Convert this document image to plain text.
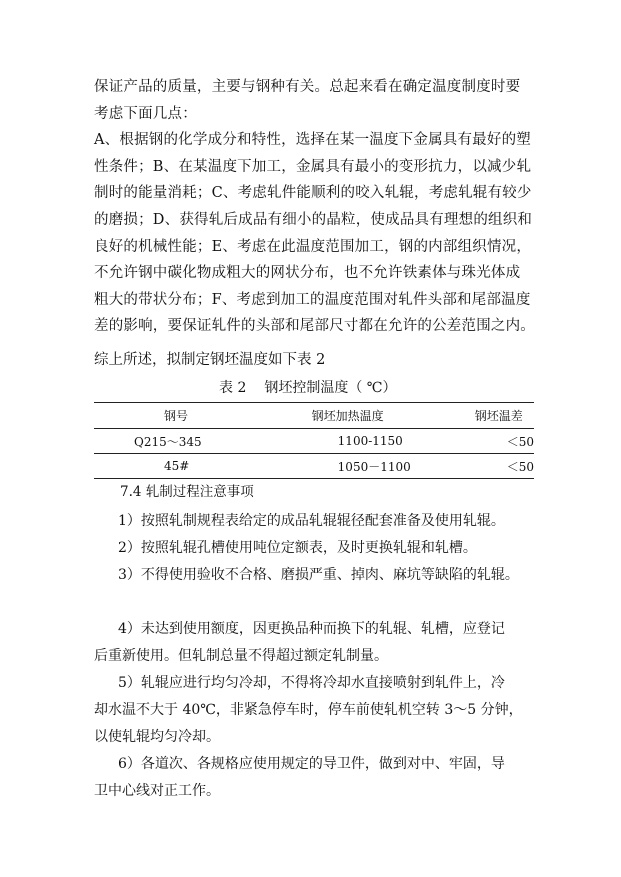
保证产品的质量，主要与钢种有关。总起来看在确定温度制度时要
考虑下面几点：
A、根据钢的化学成分和特性，选择在某一温度下金属具有最好的塑
性条件；B、在某温度下加工，金属具有最小的变形抗力，以减少轧
制时的能量消耗；C、考虑轧件能顺利的咬入轧辊，考虑轧辊有较少
的磨损；D、获得轧后成品有细小的晶粒，使成品具有理想的组织和
良好的机械性能；E、考虑在此温度范围加工，钢的内部组织情况，
不允许钢中碳化物成粗大的网状分布，也不允许铁素体与珠光体成
粗大的带状分布；F、考虑到加工的温度范围对轧件头部和尾部温度
差的影响，要保证轧件的头部和尾部尺寸都在允许的公差范围之内。
综上所述，拟制定钢坯温度如下表 2
表 2 钢坯控制温度（ ℃）
钢号	钢坯加热温度	钢坯温差
Q215～345	1100-1150	＜50
45#	1050－1100	＜50
7.4 轧制过程注意事项
1）按照轧制规程表给定的成品轧辊辊径配套准备及使用轧辊。
2）按照轧辊孔槽使用吨位定额表，及时更换轧辊和轧槽。
3）不得使用验收不合格、磨损严重、掉肉、麻坑等缺陷的轧辊。
4）未达到使用额度，因更换品种而换下的轧辊、轧槽，应登记
后重新使用。但轧制总量不得超过额定轧制量。
5）轧辊应进行均匀冷却，不得将冷却水直接喷射到轧件上，冷
却水温不大于 40℃，非紧急停车时，停车前使轧机空转 3～5 分钟，
以使轧辊均匀冷却。
6）各道次、各规格应使用规定的导卫件，做到对中、牢固，导
卫中心线对正工作。
